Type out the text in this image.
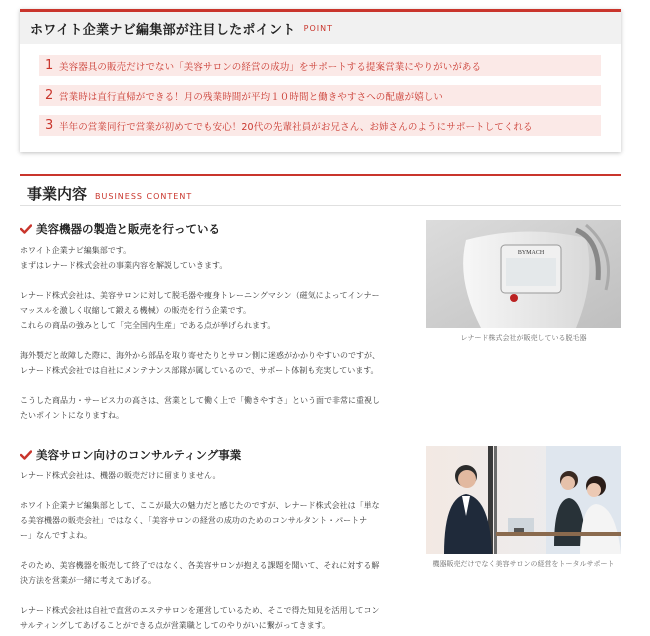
ホワイト企業ナビ編集部が注目したポイント POINT
1 美容器具の販売だけでない「美容サロンの経営の成功」をサポートする提案営業にやりがいがある
2 営業時は直行直帰ができる！月の残業時間が平均１０時間と働きやすさへの配慮が嬉しい
3 半年の営業同行で営業が初めてでも安心！20代の先輩社員がお兄さん、お姉さんのようにサポートしてくれる
事業内容 BUSINESS CONTENT
美容機器の製造と販売を行っている

ホワイト企業ナビ編集部です。

まずはレナード株式会社の事業内容を解説していきます。

レナード株式会社は、美容サロンに対して脱毛器や痩身トレーニングマシン（磁気によってインナー

マッスルを激しく収縮して鍛える機械）の販売を行う企業です。

これらの商品の強みとして「完全国内生産」である点が挙げられます。

海外製だと故障した際に、海外から部品を取り寄せたりとサロン側に迷惑がかかりやすいのですが、

レナード株式会社では自社にメンテナンス部隊が属しているので、サポート体制も充実しています。

こうした商品力・サービス力の高さは、営業として働く上で「働きやすさ」という面で非常に重視し

たいポイントになりますね。

BYMACH
レナード株式会社が販売している脱毛器
美容サロン向けのコンサルティング事業

レナード株式会社は、機器の販売だけに留まりません。

ホワイト企業ナビ編集部として、ここが最大の魅力だと感じたのですが、レナード株式会社は「単な

る美容機器の販売会社」ではなく、「美容サロンの経営の成功のためのコンサルタント・パートナ

ー」なんですよね。

そのため、美容機器を販売して終了ではなく、各美容サロンが抱える課題を聞いて、それに対する解

決方法を営業が一緒に考えてあげる。

レナード株式会社は自社で直営のエステサロンを運営しているため、そこで得た知見を活用してコン

サルティングしてあげることができる点が営業職としてのやりがいに繋がってきます。

機器販売だけでなく美容サロンの経営をトータルサポート
